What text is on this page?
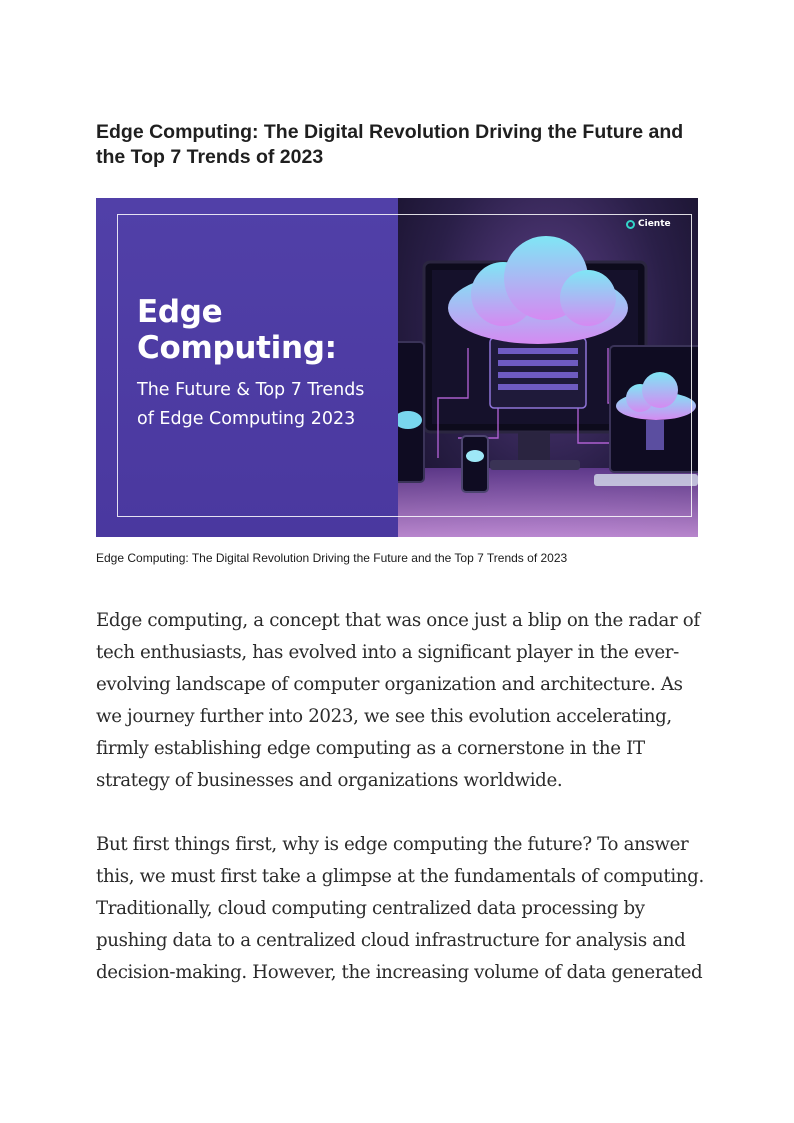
Edge Computing: The Digital Revolution Driving the Future and the Top 7 Trends of 2023
Ciente
Edge
Computing:
The Future & Top 7 Trends
of Edge Computing 2023
Edge Computing: The Digital Revolution Driving the Future and the Top 7 Trends of 2023

Edge computing, a concept that was once just a blip on the radar of tech enthusiasts, has evolved into a significant player in the ever-evolving landscape of computer organization and architecture. As we journey further into 2023, we see this evolution accelerating, firmly establishing edge computing as a cornerstone in the IT strategy of businesses and organizations worldwide.

But first things first, why is edge computing the future? To answer this, we must first take a glimpse at the fundamentals of computing. Traditionally, cloud computing centralized data processing by pushing data to a centralized cloud infrastructure for analysis and decision-making. However, the increasing volume of data generated
